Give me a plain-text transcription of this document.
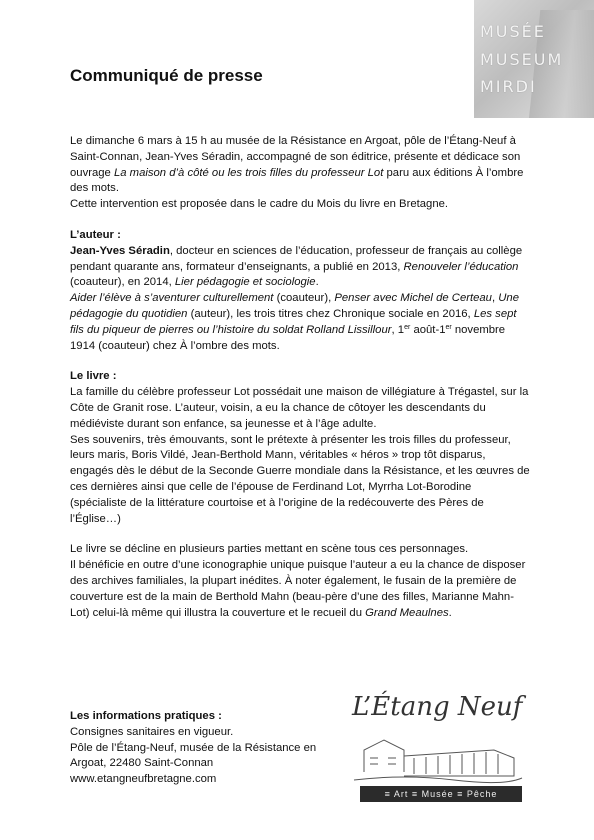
MUSÉE
MUSEUM
MIRDI
Communiqué de presse

Le dimanche 6 mars à 15 h au musée de la Résistance en Argoat, pôle de l’Étang-Neuf à Saint-Connan, Jean-Yves Séradin, accompagné de son éditrice, présente et dédicace son ouvrage La maison d’à côté ou les trois filles du professeur Lot paru aux éditions À l’ombre des mots.

Cette intervention est proposée dans le cadre du Mois du livre en Bretagne.

L’auteur :

Jean-Yves Séradin, docteur en sciences de l’éducation, professeur de français au collège pendant quarante ans, formateur d’enseignants, a publié en 2013, Renouveler l’éducation (coauteur), en 2014, Lier pédagogie et sociologie.
Aider l’élève à s’aventurer culturellement (coauteur), Penser avec Michel de Certeau, Une pédagogie du quotidien (auteur), les trois titres chez Chronique sociale en 2016, Les sept fils du piqueur de pierres ou l’histoire du soldat Rolland Lissillour, 1er août-1er novembre 1914 (coauteur) chez À l’ombre des mots.

Le livre :

La famille du célèbre professeur Lot possédait une maison de villégiature à Trégastel, sur la Côte de Granit rose. L’auteur, voisin, a eu la chance de côtoyer les descendants du médiéviste durant son enfance, sa jeunesse et à l’âge adulte.

Ses souvenirs, très émouvants, sont le prétexte à présenter les trois filles du professeur, leurs maris, Boris Vildé, Jean-Berthold Mann, véritables « héros » trop tôt disparus, engagés dès le début de la Seconde Guerre mondiale dans la Résistance, et les œuvres de ces dernières ainsi que celle de l’épouse de Ferdinand Lot, Myrrha Lot-Borodine (spécialiste de la littérature courtoise et à l’origine de la redécouverte des Pères de l’Église…)

Le livre se décline en plusieurs parties mettant en scène tous ces personnages.

Il bénéficie en outre d’une iconographie unique puisque l’auteur a eu la chance de disposer des archives familiales, la plupart inédites. À noter également, le fusain de la première de couverture est de la main de Berthold Mahn (beau-père d’une des filles, Marianne Mahn-Lot) celui-là même qui illustra la couverture et le recueil du Grand Meaulnes.

Les informations pratiques :

Consignes sanitaires en vigueur.

Pôle de l’Étang-Neuf, musée de la Résistance en Argoat, 22480 Saint-Connan

www.etangneufbretagne.com

L’Étang Neuf
≡ Art ≡ Musée ≡ Pêche
